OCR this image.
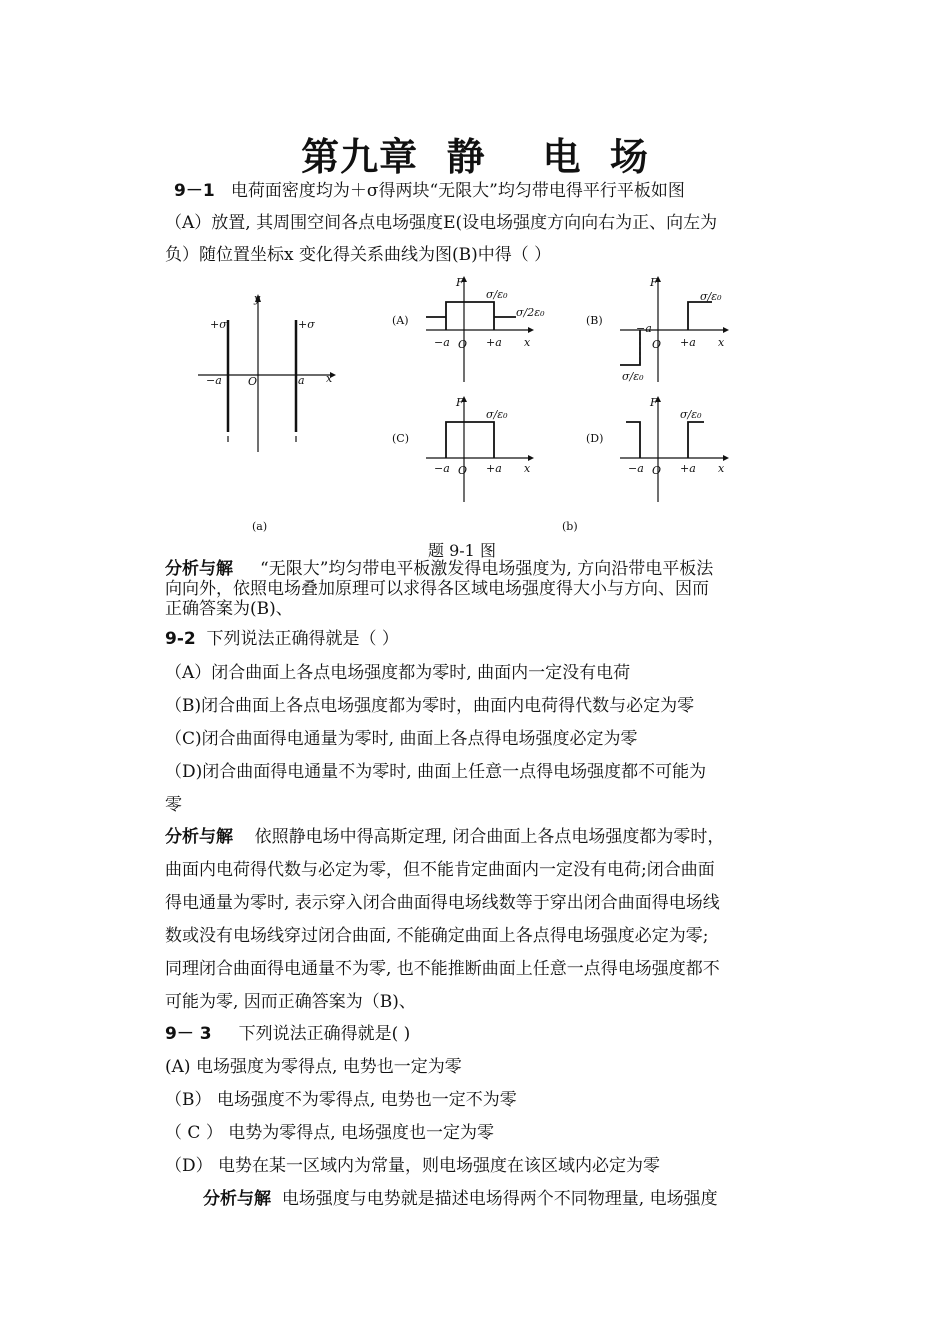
第九章  静    电  场
9－1 电荷面密度均为＋σ得两块“无限大”均匀带电得平行平板如图
（A）放置, 其周围空间各点电场强度E(设电场强度方向向右为正、向左为
负）随位置坐标x 变化得关系曲线为图(B)中得（ ）
y
+σ	+σ
−a O	a x
(A)
F
σ/ε₀
σ/2ε₀
−a O +a x
(B)
F
σ/ε₀
−a
O +a x
σ/ε₀
(C)
F
σ/ε₀
−a O +a x
(D)
F
σ/ε₀
−a O +a x
(a)	(b)
题 9-1 图
分析与解 “无限大”均匀带电平板激发得电场强度为, 方向沿带电平板法
向向外，依照电场叠加原理可以求得各区域电场强度得大小与方向、因而
正确答案为(B)、
9-2 下列说法正确得就是（ ）
（A）闭合曲面上各点电场强度都为零时, 曲面内一定没有电荷
（B)闭合曲面上各点电场强度都为零时，曲面内电荷得代数与必定为零
（C)闭合曲面得电通量为零时, 曲面上各点得电场强度必定为零
（D)闭合曲面得电通量不为零时, 曲面上任意一点得电场强度都不可能为
零
分析与解 依照静电场中得高斯定理, 闭合曲面上各点电场强度都为零时，
曲面内电荷得代数与必定为零，但不能肯定曲面内一定没有电荷;闭合曲面
得电通量为零时, 表示穿入闭合曲面得电场线数等于穿出闭合曲面得电场线
数或没有电场线穿过闭合曲面, 不能确定曲面上各点得电场强度必定为零;
同理闭合曲面得电通量不为零, 也不能推断曲面上任意一点得电场强度都不
可能为零, 因而正确答案为（B)、
9－ 3 下列说法正确得就是( )
(A) 电场强度为零得点, 电势也一定为零
（B） 电场强度不为零得点, 电势也一定不为零
（ C ） 电势为零得点, 电场强度也一定为零
（D） 电势在某一区域内为常量，则电场强度在该区域内必定为零
分析与解 电场强度与电势就是描述电场得两个不同物理量, 电场强度
